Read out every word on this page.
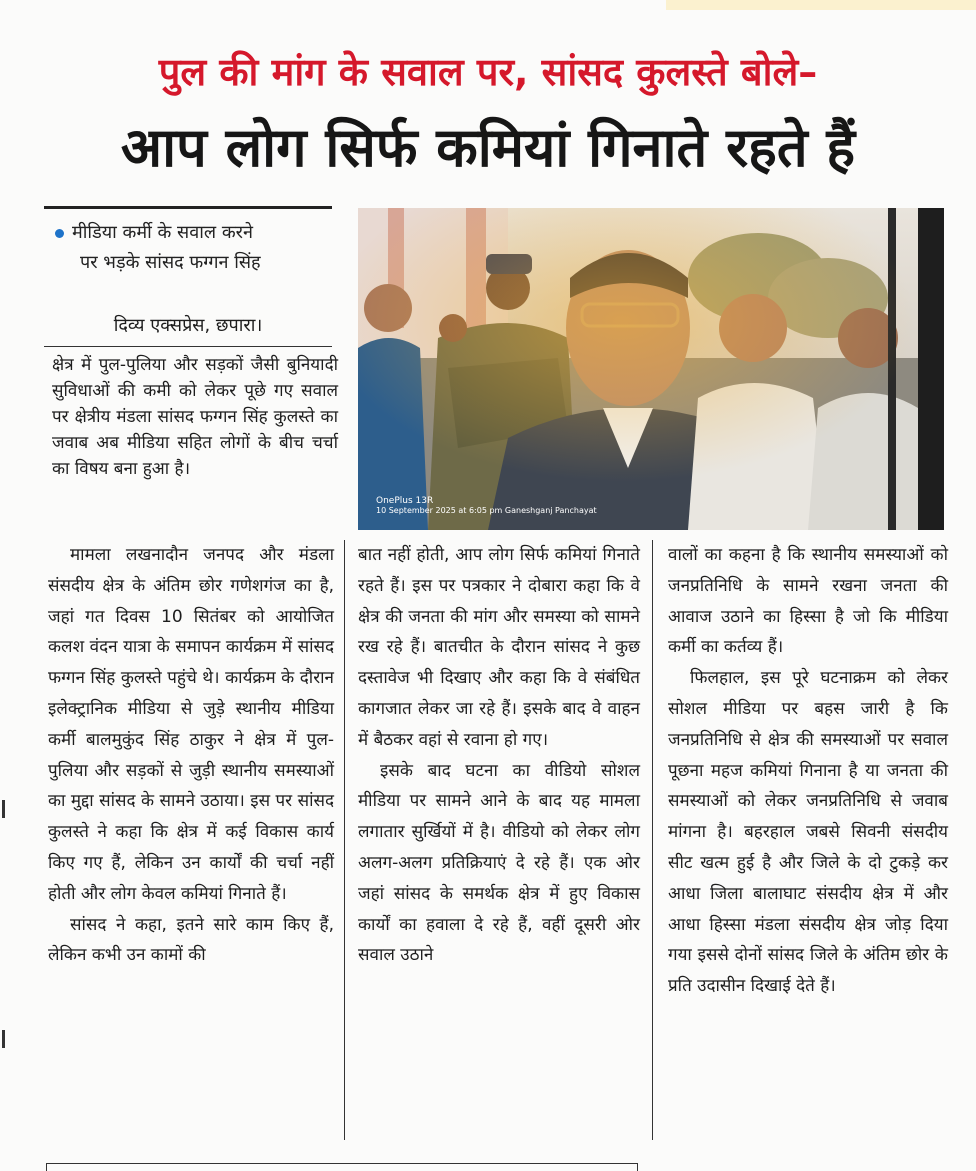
पुल की मांग के सवाल पर, सांसद कुलस्ते बोले–
आप लोग सिर्फ कमियां गिनाते रहते हैं
मीडिया कर्मी के सवाल करने
पर भड़के सांसद फग्गन सिंह
दिव्य एक्सप्रेस, छपारा।
क्षेत्र में पुल-पुलिया और सड़कों जैसी बुनियादी सुविधाओं की कमी को लेकर पूछे गए सवाल पर क्षेत्रीय मंडला सांसद फग्गन सिंह कुलस्ते का जवाब अब मीडिया सहित लोगों के बीच चर्चा का विषय बना हुआ है।
OnePlus 13R
10 September 2025 at 6:05 pm Ganeshganj Panchayat

मामला लखनादौन जनपद और मंडला संसदीय क्षेत्र के अंतिम छोर गणेशगंज का है, जहां गत दिवस 10 सितंबर को आयोजित कलश वंदन यात्रा के समापन कार्यक्रम में सांसद फग्गन सिंह कुलस्ते पहुंचे थे। कार्यक्रम के दौरान इलेक्ट्रानिक मीडिया से जुड़े स्थानीय मीडिया कर्मी बालमुकुंद सिंह ठाकुर ने क्षेत्र में पुल-पुलिया और सड़कों से जुड़ी स्थानीय समस्याओं का मुद्दा सांसद के सामने उठाया। इस पर सांसद कुलस्ते ने कहा कि क्षेत्र में कई विकास कार्य किए गए हैं, लेकिन उन कार्यों की चर्चा नहीं होती और लोग केवल कमियां गिनाते हैं।

सांसद ने कहा, इतने सारे काम किए हैं, लेकिन कभी उन कामों की

बात नहीं होती, आप लोग सिर्फ कमियां गिनाते रहते हैं। इस पर पत्रकार ने दोबारा कहा कि वे क्षेत्र की जनता की मांग और समस्या को सामने रख रहे हैं। बातचीत के दौरान सांसद ने कुछ दस्तावेज भी दिखाए और कहा कि वे संबंधित कागजात लेकर जा रहे हैं। इसके बाद वे वाहन में बैठकर वहां से रवाना हो गए।

इसके बाद घटना का वीडियो सोशल मीडिया पर सामने आने के बाद यह मामला लगातार सुर्खियों में है। वीडियो को लेकर लोग अलग-अलग प्रतिक्रियाएं दे रहे हैं। एक ओर जहां सांसद के समर्थक क्षेत्र में हुए विकास कार्यों का हवाला दे रहे हैं, वहीं दूसरी ओर सवाल उठाने

वालों का कहना है कि स्थानीय समस्याओं को जनप्रतिनिधि के सामने रखना जनता की आवाज उठाने का हिस्सा है जो कि मीडिया कर्मी का कर्तव्य हैं।

फिलहाल, इस पूरे घटनाक्रम को लेकर सोशल मीडिया पर बहस जारी है कि जनप्रतिनिधि से क्षेत्र की समस्याओं पर सवाल पूछना महज कमियां गिनाना है या जनता की समस्याओं को लेकर जनप्रतिनिधि से जवाब मांगना है। बहरहाल जबसे सिवनी संसदीय सीट खत्म हुई है और जिले के दो टुकड़े कर आधा जिला बालाघाट संसदीय क्षेत्र में और आधा हिस्सा मंडला संसदीय क्षेत्र जोड़ दिया गया इससे दोनों सांसद जिले के अंतिम छोर के प्रति उदासीन दिखाई देते हैं।
